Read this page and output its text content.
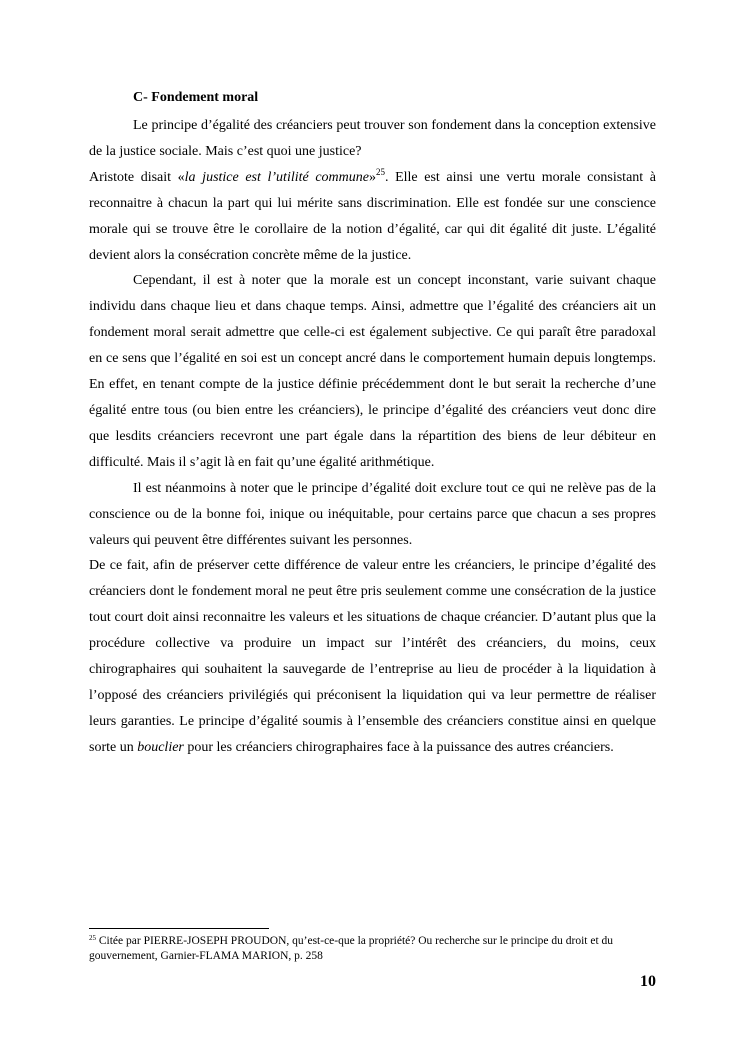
C- Fondement moral

Le principe d’égalité des créanciers peut trouver son fondement dans la conception extensive de la justice sociale. Mais c’est quoi une justice?

Aristote disait «la justice est l’utilité commune»$^{25}$. Elle est ainsi une vertu morale consistant à reconnaitre à chacun la part qui lui mérite sans discrimination. Elle est fondée sur une conscience morale qui se trouve être le corollaire de la notion d’égalité, car qui dit égalité dit juste. L’égalité devient alors la consécration concrète même de la justice.

Cependant, il est à noter que la morale est un concept inconstant, varie suivant chaque individu dans chaque lieu et dans chaque temps. Ainsi, admettre que l’égalité des créanciers ait un fondement moral serait admettre que celle-ci est également subjective. Ce qui paraît être paradoxal en ce sens que l’égalité en soi est un concept ancré dans le comportement humain depuis longtemps. En effet, en tenant compte de la justice définie précédemment dont le but serait la recherche d’une égalité entre tous (ou bien entre les créanciers), le principe d’égalité des créanciers veut donc dire que lesdits créanciers recevront une part égale dans la répartition des biens de leur débiteur en difficulté. Mais il s’agit là en fait qu’une égalité arithmétique.

Il est néanmoins à noter que le principe d’égalité doit exclure tout ce qui ne relève pas de la conscience ou de la bonne foi, inique ou inéquitable, pour certains parce que chacun a ses propres valeurs qui peuvent être différentes suivant les personnes.

De ce fait, afin de préserver cette différence de valeur entre les créanciers, le principe d’égalité des créanciers dont le fondement moral ne peut être pris seulement comme une consécration de la justice tout court doit ainsi reconnaitre les valeurs et les situations de chaque créancier. D’autant plus que la procédure collective va produire un impact sur l’intérêt des créanciers, du moins, ceux chirographaires qui souhaitent la sauvegarde de l’entreprise au lieu de procéder à la liquidation à l’opposé des créanciers privilégiés qui préconisent la liquidation qui va leur permettre de réaliser leurs garanties. Le principe d’égalité soumis à l’ensemble des créanciers constitue ainsi en quelque sorte un bouclier pour les créanciers chirographaires face à la puissance des autres créanciers.

$^{25}$ Citée par PIERRE-JOSEPH PROUDON, qu’est-ce-que la propriété? Ou recherche sur le principe du droit et du gouvernement, Garnier-FLAMA MARION, p. 258
10
